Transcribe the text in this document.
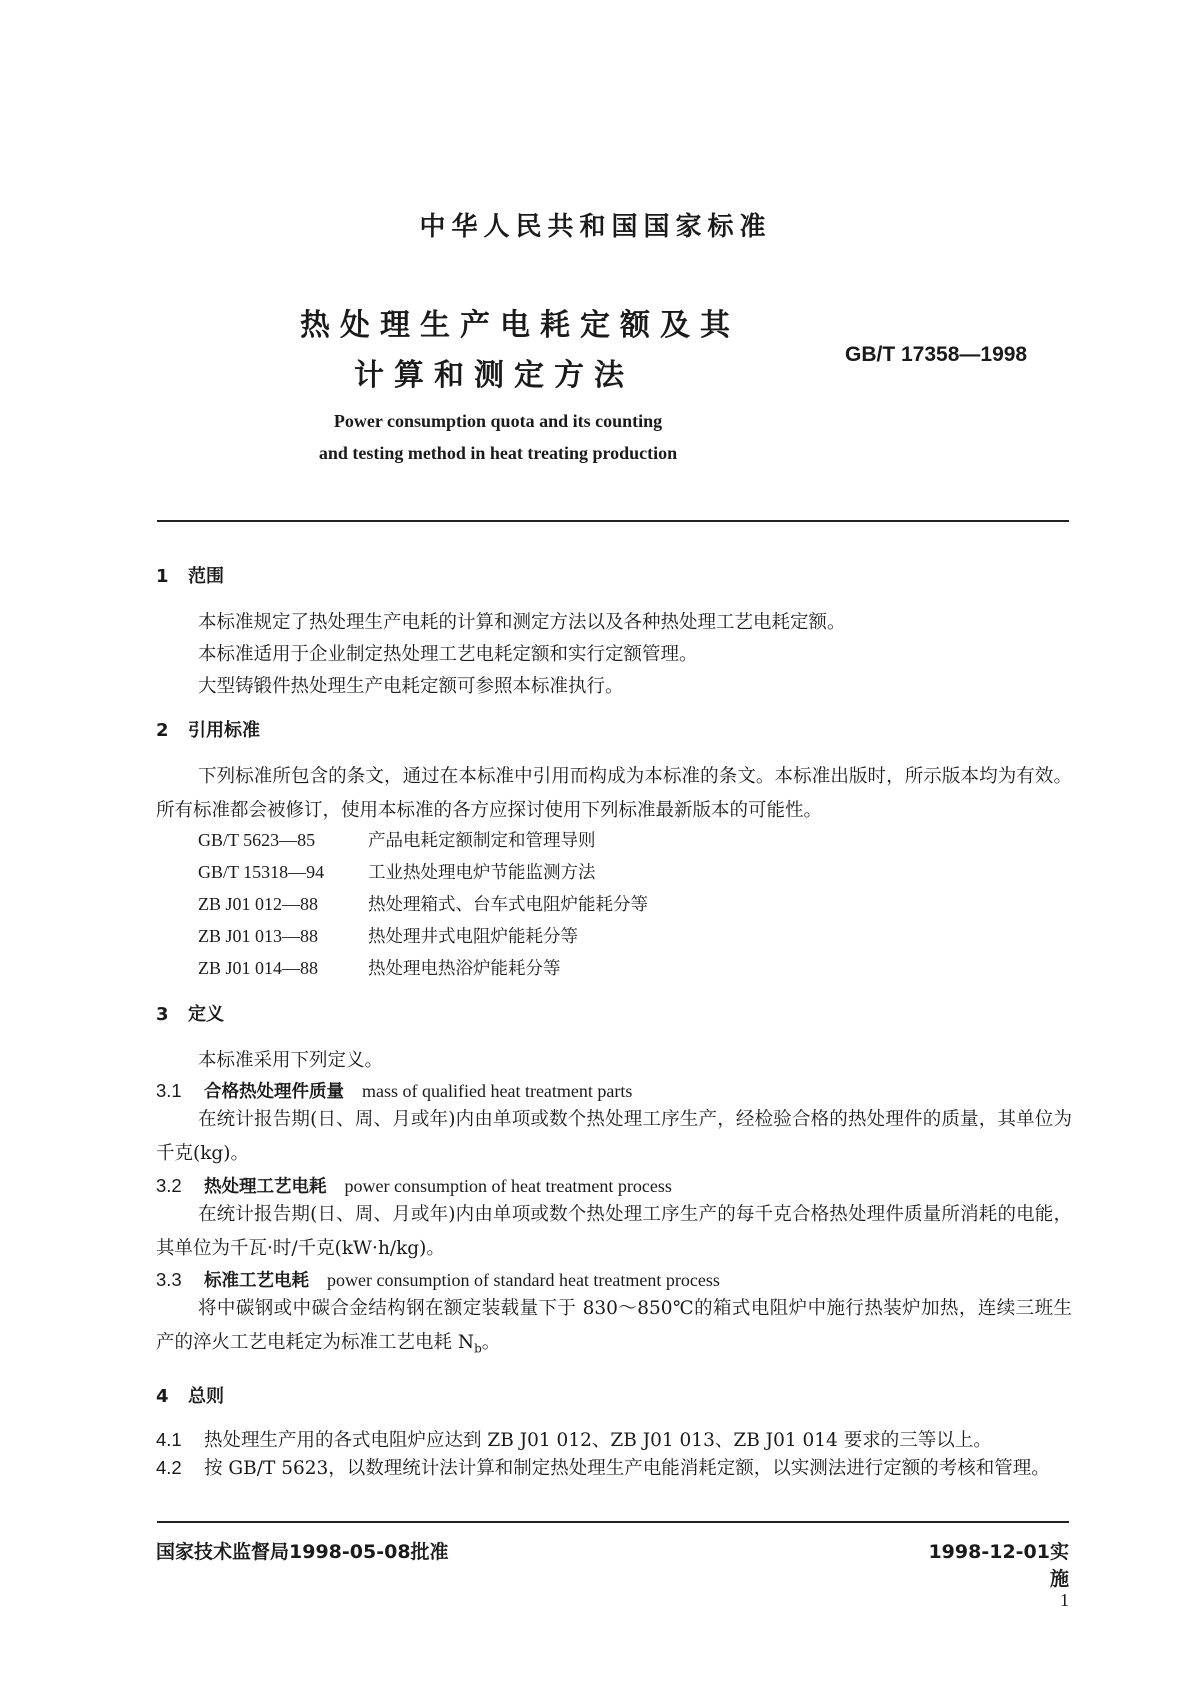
中华人民共和国国家标准
热处理生产电耗定额及其
计算和测定方法
GB/T 17358—1998
Power consumption quota and its counting
and testing method in heat treating production
1 范围
本标准规定了热处理生产电耗的计算和测定方法以及各种热处理工艺电耗定额。
本标准适用于企业制定热处理工艺电耗定额和实行定额管理。
大型铸锻件热处理生产电耗定额可参照本标准执行。
2 引用标准
下列标准所包含的条文，通过在本标准中引用而构成为本标准的条文。本标准出版时，所示版本均为有效。所有标准都会被修订，使用本标准的各方应探讨使用下列标准最新版本的可能性。
GB/T 5623—85	产品电耗定额制定和管理导则
GB/T 15318—94	工业热处理电炉节能监测方法
ZB J01 012—88	热处理箱式、台车式电阻炉能耗分等
ZB J01 013—88	热处理井式电阻炉能耗分等
ZB J01 014—88	热处理电热浴炉能耗分等
3 定义
本标准采用下列定义。
3.1 合格热处理件质量 mass of qualified heat treatment parts
在统计报告期(日、周、月或年)内由单项或数个热处理工序生产，经检验合格的热处理件的质量，其单位为千克(kg)。
3.2 热处理工艺电耗 power consumption of heat treatment process
在统计报告期(日、周、月或年)内由单项或数个热处理工序生产的每千克合格热处理件质量所消耗的电能，其单位为千瓦·时/千克(kW·h/kg)。
3.3 标准工艺电耗 power consumption of standard heat treatment process
将中碳钢或中碳合金结构钢在额定装载量下于 830～850℃的箱式电阻炉中施行热装炉加热，连续三班生产的淬火工艺电耗定为标准工艺电耗 $N_b$。
4 总则
4.1 热处理生产用的各式电阻炉应达到 ZB J01 012、ZB J01 013、ZB J01 014 要求的三等以上。
4.2 按 GB/T 5623，以数理统计法计算和制定热处理生产电能消耗定额，以实测法进行定额的考核和管理。
国家技术监督局1998-05-08批准	1998-12-01实施
1
